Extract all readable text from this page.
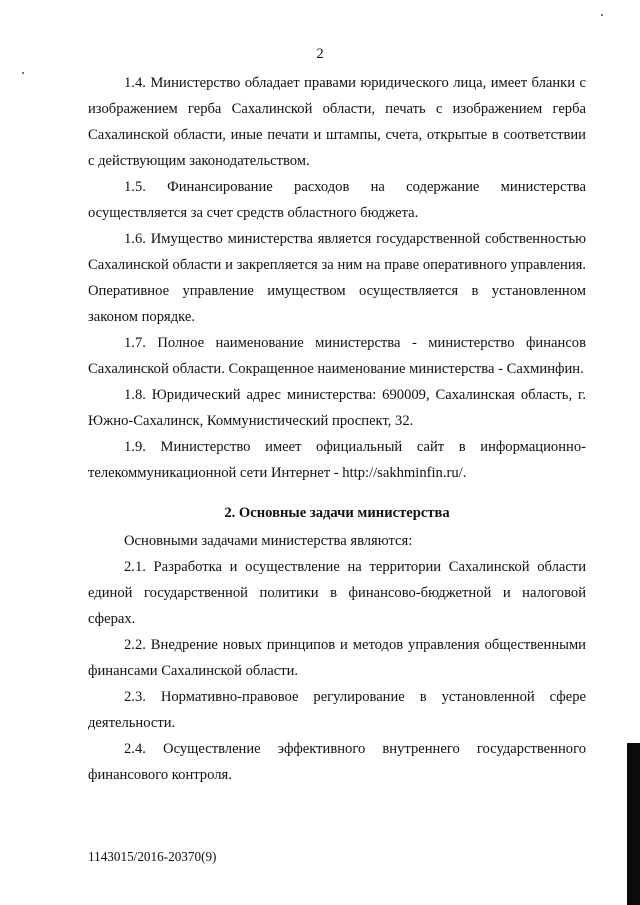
2

1.4. Министерство обладает правами юридического лица, имеет бланки с изображением герба Сахалинской области, печать с изображением герба Сахалинской области, иные печати и штампы, счета, открытые в соответствии с действующим законодательством.

1.5. Финансирование расходов на содержание министерства осуществляется за счет средств областного бюджета.

1.6. Имущество министерства является государственной собственностью Сахалинской области и закрепляется за ним на праве оперативного управления. Оперативное управление имуществом осуществляется в установленном законом порядке.

1.7. Полное наименование министерства - министерство финансов Сахалинской области. Сокращенное наименование министерства - Сахминфин.

1.8. Юридический адрес министерства: 690009, Сахалинская область, г. Южно-Сахалинск, Коммунистический проспект, 32.

1.9. Министерство имеет официальный сайт в информационно-телекоммуникационной сети Интернет - http://sakhminfin.ru/.

2. Основные задачи министерства

Основными задачами министерства являются:

2.1. Разработка и осуществление на территории Сахалинской области единой государственной политики в финансово-бюджетной и налоговой сферах.

2.2. Внедрение новых принципов и методов управления общественными финансами Сахалинской области.

2.3. Нормативно-правовое регулирование в установленной сфере деятельности.

2.4. Осуществление эффективного внутреннего государственного финансового контроля.

1143015/2016-20370(9)
